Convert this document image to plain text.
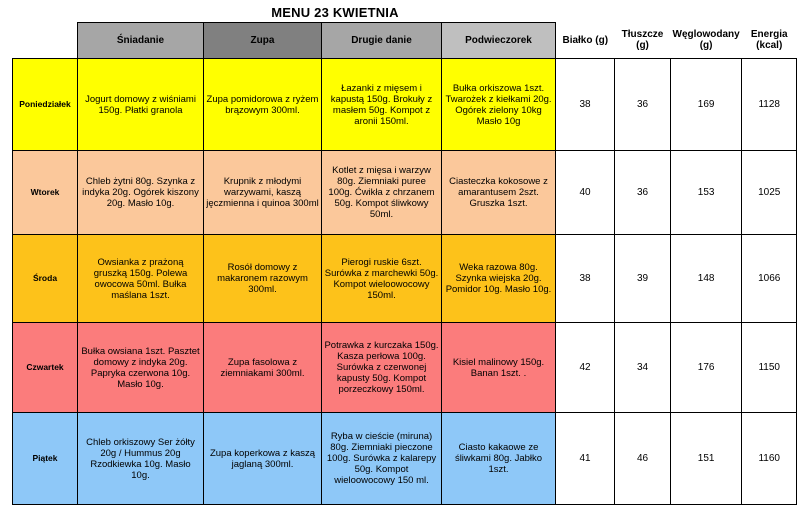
MENU 23 KWIETNIA
	Śniadanie	Zupa	Drugie danie	Podwieczorek	Białko (g)	Tłuszcze (g)	Węglowodany (g)	Energia (kcal)
Poniedziałek	Jogurt domowy z wiśniami 150g. Płatki granola	Zupa pomidorowa z ryżem brązowym 300ml.	Łazanki z mięsem i kapustą 150g. Brokuły z masłem 50g. Kompot z aronii 150ml.	Bułka orkiszowa 1szt. Twarożek z kiełkami 20g. Ogórek zielony 10kg Masło 10g	38	36	169	1128
Wtorek	Chleb żytni 80g. Szynka z indyka 20g. Ogórek kiszony 20g. Masło 10g.	Krupnik z młodymi warzywami, kaszą jęczmienna i quinoa 300ml	Kotlet z mięsa i warzyw 80g. Ziemniaki puree 100g. Ćwikła z chrzanem 50g. Kompot śliwkowy 50ml.	Ciasteczka kokosowe z amarantusem 2szt. Gruszka 1szt.	40	36	153	1025
Środa	Owsianka z prażoną gruszką 150g. Polewa owocowa 50ml. Bułka maślana 1szt.	Rosół domowy z makaronem razowym 300ml.	Pierogi ruskie 6szt. Surówka z marchewki 50g. Kompot wieloowocowy 150ml.	Weka razowa 80g. Szynka wiejska 20g. Pomidor 10g. Masło 10g.	38	39	148	1066
Czwartek	Bułka owsiana 1szt. Pasztet domowy z indyka 20g. Papryka czerwona 10g. Masło 10g.	Zupa fasolowa z ziemniakami 300ml.	Potrawka z kurczaka 150g. Kasza perłowa 100g. Surówka z czerwonej kapusty 50g. Kompot porzeczkowy 150ml.	Kisiel malinowy 150g. Banan 1szt. .	42	34	176	1150
Piątek	Chleb orkiszowy Ser żółty 20g / Hummus 20g Rzodkiewka 10g. Masło 10g.	Zupa koperkowa z kaszą jaglaną 300ml.	Ryba w cieście (miruna) 80g. Ziemniaki pieczone 100g. Surówka z kalarepy 50g. Kompot wieloowocowy 150 ml.	Ciasto kakaowe ze śliwkami 80g. Jabłko 1szt.	41	46	151	1160
